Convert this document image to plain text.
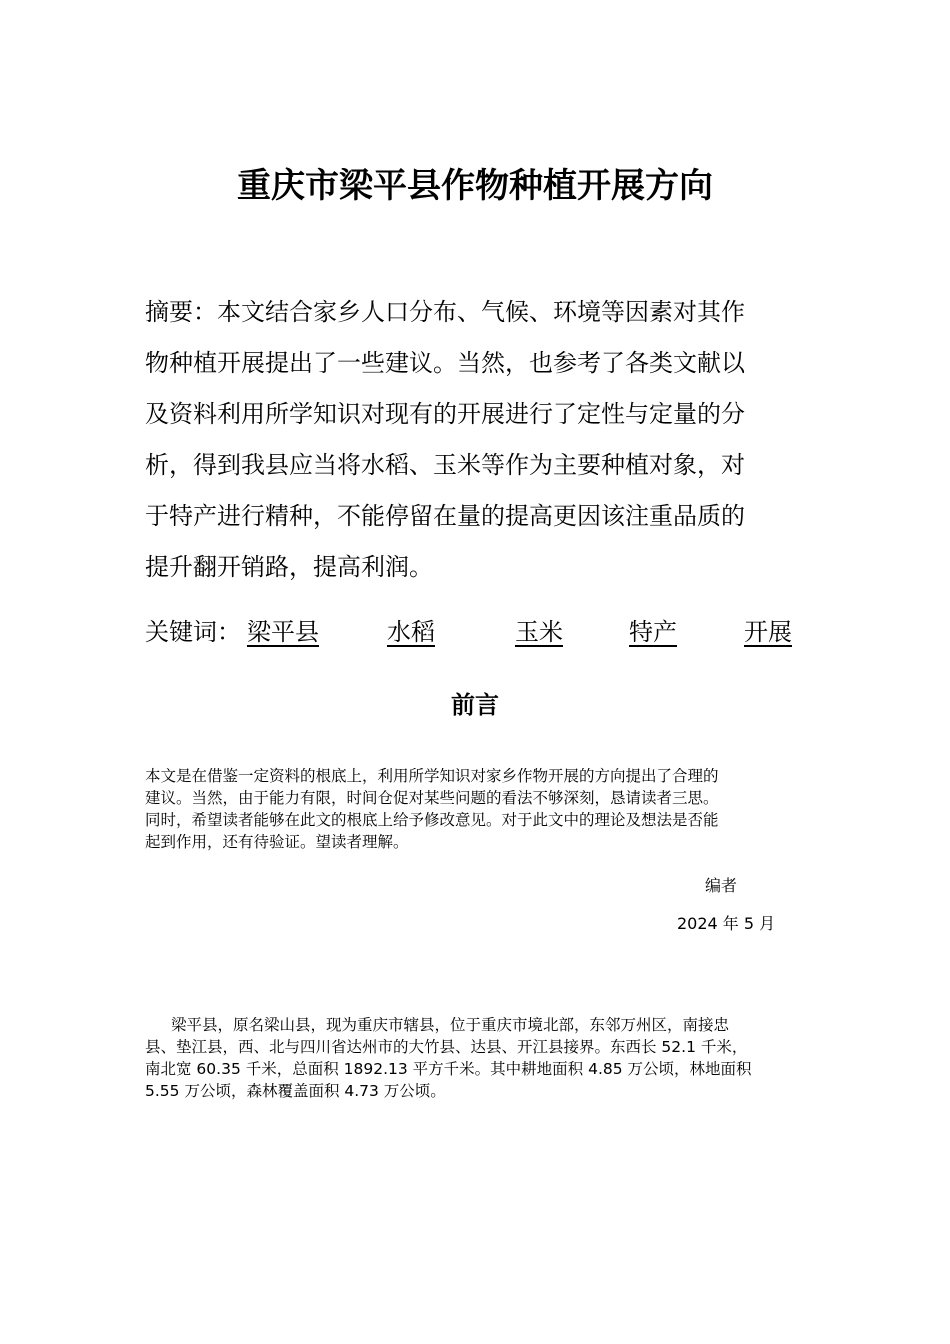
重庆市梁平县作物种植开展方向
摘要：本文结合家乡人口分布、气候、环境等因素对其作
物种植开展提出了一些建议。当然，也参考了各类文献以
及资料利用所学知识对现有的开展进行了定性与定量的分
析，得到我县应当将水稻、玉米等作为主要种植对象，对
于特产进行精种，不能停留在量的提高更因该注重品质的
提升翻开销路，提高利润。
关键词： 梁平县	水稻	玉米	特产	开展
前言
本文是在借鉴一定资料的根底上，利用所学知识对家乡作物开展的方向提出了合理的
建议。当然，由于能力有限，时间仓促对某些问题的看法不够深刻，恳请读者三思。
同时，希望读者能够在此文的根底上给予修改意见。对于此文中的理论及想法是否能
起到作用，还有待验证。望读者理解。
编者
2024 年 5 月
梁平县，原名梁山县，现为重庆市辖县，位于重庆市境北部，东邻万州区，南接忠
县、垫江县，西、北与四川省达州市的大竹县、达县、开江县接界。东西长 52.1 千米，
南北宽 60.35 千米，总面积 1892.13 平方千米。其中耕地面积 4.85 万公顷，林地面积
5.55 万公顷，森林覆盖面积 4.73 万公顷。
